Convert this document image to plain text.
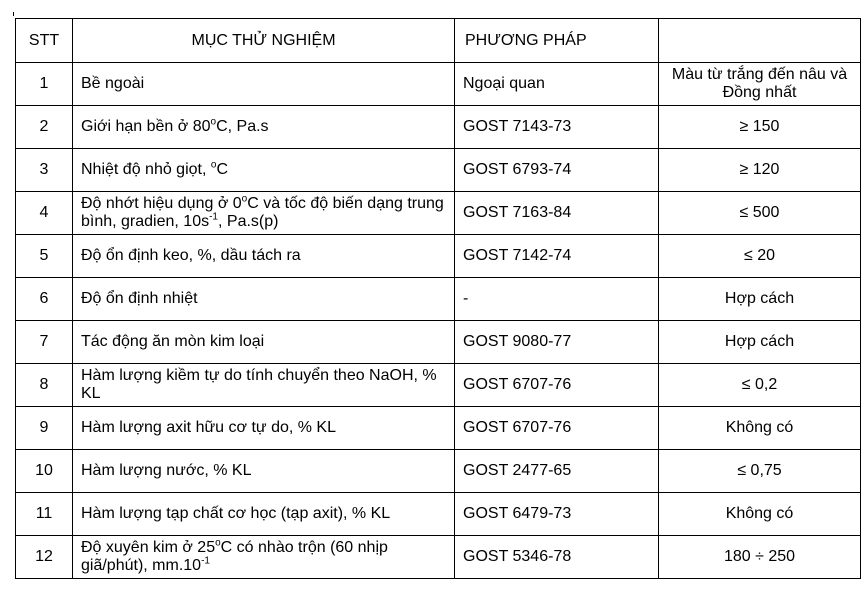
STT	MỤC THỬ NGHIỆM	PHƯƠNG PHÁP	
1	Bề ngoài	Ngoại quan	Màu từ trắng đến nâu và Đồng nhất
2	Giới hạn bền ở 80$^o$C, Pa.s	GOST 7143-73	≥ 150
3	Nhiệt độ nhỏ giọt, $^o$C	GOST 6793-74	≥ 120
4	Độ nhớt hiệu dụng ở 0$^o$C và tốc độ biến dạng trung bình, gradien, $10s^{-1}$, Pa.s(p)	GOST 7163-84	≤ 500
5	Độ ổn định keo, %, dầu tách ra	GOST 7142-74	≤ 20
6	Độ ổn định nhiệt	-	Hợp cách
7	Tác động ăn mòn kim loại	GOST 9080-77	Hợp cách
8	Hàm lượng kiềm tự do tính chuyển theo NaOH, % KL	GOST 6707-76	≤ 0,2
9	Hàm lượng axit hữu cơ tự do, % KL	GOST 6707-76	Không có
10	Hàm lượng nước, % KL	GOST 2477-65	≤ 0,75
11	Hàm lượng tạp chất cơ học (tạp axit), % KL	GOST 6479-73	Không có
12	Độ xuyên kim ở 25$^o$C có nhào trộn (60 nhịp giã/phút), $mm.10^{-1}$	GOST 5346-78	180 ÷ 250
